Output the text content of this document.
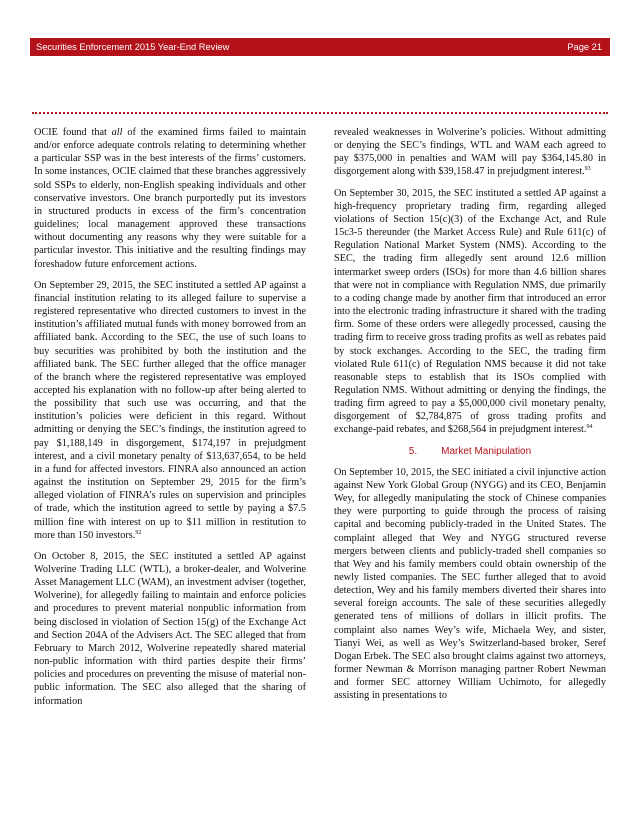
Securities Enforcement 2015 Year-End Review	Page 21

OCIE found that all of the examined firms failed to maintain and/or enforce adequate controls relating to determining whether a particular SSP was in the best interests of the firms’ customers. In some instances, OCIE claimed that these branches aggressively sold SSPs to elderly, non-English speaking individuals and other conservative investors. One branch purportedly put its investors in structured products in excess of the firm’s concentration guidelines; local management approved these transactions without documenting any reasons why they were suitable for a particular investor. This initiative and the resulting findings may foreshadow future enforcement actions.

On September 29, 2015, the SEC instituted a settled AP against a financial institution relating to its alleged failure to supervise a registered representative who directed customers to invest in the institution’s affiliated mutual funds with money borrowed from an affiliated bank. According to the SEC, the use of such loans to buy securities was prohibited by both the institution and the affiliated bank. The SEC further alleged that the office manager of the branch where the registered representative was employed accepted his explanation with no follow-up after being alerted to the possibility that such use was occurring, and that the institution’s policies were deficient in this regard. Without admitting or denying the SEC’s findings, the institution agreed to pay $1,188,149 in disgorgement, $174,197 in prejudgment interest, and a civil monetary penalty of $13,637,654, to be held in a fund for affected investors. FINRA also announced an action against the institution on September 29, 2015 for the firm’s alleged violation of FINRA’s rules on supervision and principles of trade, which the institution agreed to settle by paying a $7.5 million fine with interest on up to $11 million in restitution to more than 150 investors.$^{92}$

On October 8, 2015, the SEC instituted a settled AP against Wolverine Trading LLC (WTL), a broker-dealer, and Wolverine Asset Management LLC (WAM), an investment adviser (together, Wolverine), for allegedly failing to maintain and enforce policies and procedures to prevent material nonpublic information from being disclosed in violation of Section 15(g) of the Exchange Act and Section 204A of the Advisers Act. The SEC alleged that from February to March 2012, Wolverine repeatedly shared material non-public information with third parties despite their firms’ policies and procedures on preventing the misuse of material non-public information. The SEC also alleged that the sharing of information

revealed weaknesses in Wolverine’s policies. Without admitting or denying the SEC’s findings, WTL and WAM each agreed to pay $375,000 in penalties and WAM will pay $364,145.80 in disgorgement along with $39,158.47 in prejudgment interest.$^{93}$

On September 30, 2015, the SEC instituted a settled AP against a high-frequency proprietary trading firm, regarding alleged violations of Section 15(c)(3) of the Exchange Act, and Rule 15c3-5 thereunder (the Market Access Rule) and Rule 611(c) of Regulation National Market System (NMS). According to the SEC, the trading firm allegedly sent around 12.6 million intermarket sweep orders (ISOs) for more than 4.6 billion shares that were not in compliance with Regulation NMS, due primarily to a coding change made by another firm that introduced an error into the electronic trading infrastructure it shared with the trading firm. Some of these orders were allegedly processed, causing the trading firm to receive gross trading profits as well as rebates paid by stock exchanges. According to the SEC, the trading firm violated Rule 611(c) of Regulation NMS because it did not take reasonable steps to establish that its ISOs complied with Regulation NMS. Without admitting or denying the findings, the trading firm agreed to pay a $5,000,000 civil monetary penalty, disgorgement of $2,784,875 of gross trading profits and exchange-paid rebates, and $268,564 in prejudgment interest.$^{94}$

5. Market Manipulation

On September 10, 2015, the SEC initiated a civil injunctive action against New York Global Group (NYGG) and its CEO, Benjamin Wey, for allegedly manipulating the stock of Chinese companies they were purporting to guide through the process of raising capital and becoming publicly-traded in the United States. The complaint alleged that Wey and NYGG structured reverse mergers between clients and publicly-traded shell companies so that Wey and his family members could obtain ownership of the newly listed companies. The SEC further alleged that to avoid detection, Wey and his family members diverted their shares into several foreign accounts. The sale of these securities allegedly generated tens of millions of dollars in illicit profits. The complaint also names Wey’s wife, Michaela Wey, and sister, Tianyi Wei, as well as Wey’s Switzerland-based broker, Seref Dogan Erbek. The SEC also brought claims against two attorneys, former Newman & Morrison managing partner Robert Newman and former SEC attorney William Uchimoto, for allegedly assisting in presentations to
